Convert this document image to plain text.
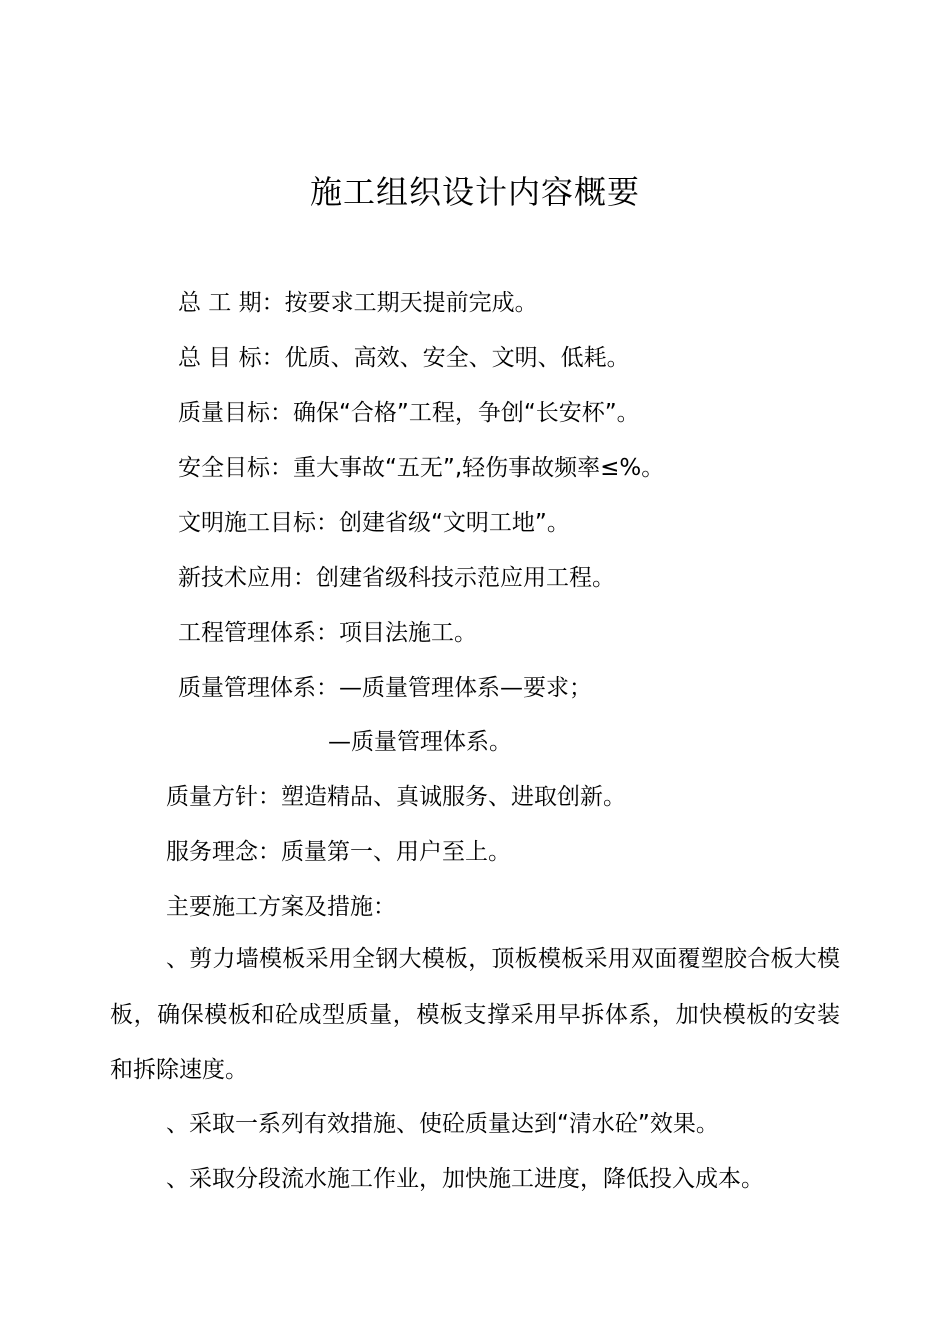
施工组织设计内容概要
总 工 期：按要求工期天提前完成。
总 目 标：优质、高效、安全、文明、低耗。
质量目标：确保“合格”工程，争创“长安杯”。
安全目标：重大事故“五无”,轻伤事故频率≤%。
文明施工目标：创建省级“文明工地”。
新技术应用：创建省级科技示范应用工程。
工程管理体系：项目法施工。
质量管理体系：—质量管理体系—要求；
—质量管理体系。
质量方针：塑造精品、真诚服务、进取创新。
服务理念：质量第一、用户至上。
主要施工方案及措施：
、剪力墙模板采用全钢大模板，顶板模板采用双面覆塑胶合板大模板，确保模板和砼成型质量，模板支撑采用早拆体系，加快模板的安装和拆除速度。
、采取一系列有效措施、使砼质量达到“清水砼”效果。
、采取分段流水施工作业，加快施工进度，降低投入成本。
